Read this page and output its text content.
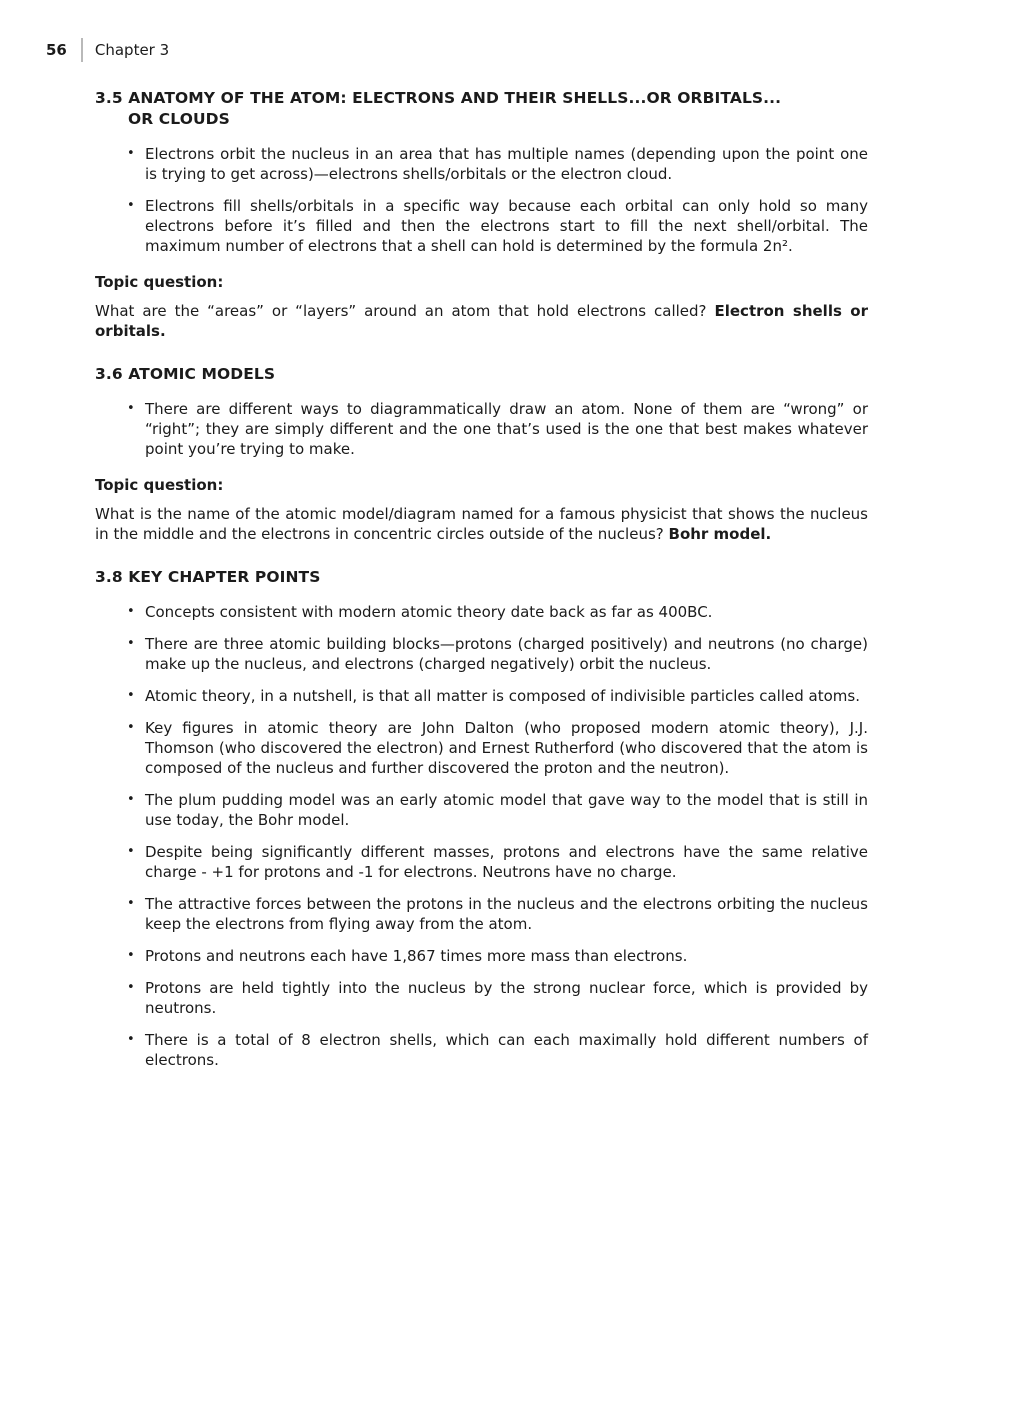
56 Chapter 3
3.5 ANATOMY OF THE ATOM: ELECTRONS AND THEIR SHELLS...OR ORBITALS...
OR CLOUDS
• Electrons orbit the nucleus in an area that has multiple names (depending upon the point one is trying to get across)—electrons shells/orbitals or the electron cloud.
• Electrons fill shells/orbitals in a specific way because each orbital can only hold so many electrons before it’s filled and then the electrons start to fill the next shell/orbital. The maximum number of electrons that a shell can hold is determined by the formula 2n².

Topic question:

What are the “areas” or “layers” around an atom that hold electrons called? Electron shells or orbitals.

3.6 ATOMIC MODELS
• There are different ways to diagrammatically draw an atom. None of them are “wrong” or “right”; they are simply different and the one that’s used is the one that best makes whatever point you’re trying to make.

Topic question:

What is the name of the atomic model/diagram named for a famous physicist that shows the nucleus in the middle and the electrons in concentric circles outside of the nucleus? Bohr model.

3.8 KEY CHAPTER POINTS
• Concepts consistent with modern atomic theory date back as far as 400BC.
• There are three atomic building blocks—protons (charged positively) and neutrons (no charge) make up the nucleus, and electrons (charged negatively) orbit the nucleus.
• Atomic theory, in a nutshell, is that all matter is composed of indivisible particles called atoms.
• Key figures in atomic theory are John Dalton (who proposed modern atomic theory), J.J. Thomson (who discovered the electron) and Ernest Rutherford (who discovered that the atom is composed of the nucleus and further discovered the proton and the neutron).
• The plum pudding model was an early atomic model that gave way to the model that is still in use today, the Bohr model.
• Despite being significantly different masses, protons and electrons have the same relative charge - +1 for protons and -1 for electrons. Neutrons have no charge.
• The attractive forces between the protons in the nucleus and the electrons orbiting the nucleus keep the electrons from flying away from the atom.
• Protons and neutrons each have 1,867 times more mass than electrons.
• Protons are held tightly into the nucleus by the strong nuclear force, which is provided by neutrons.
• There is a total of 8 electron shells, which can each maximally hold different numbers of electrons.
